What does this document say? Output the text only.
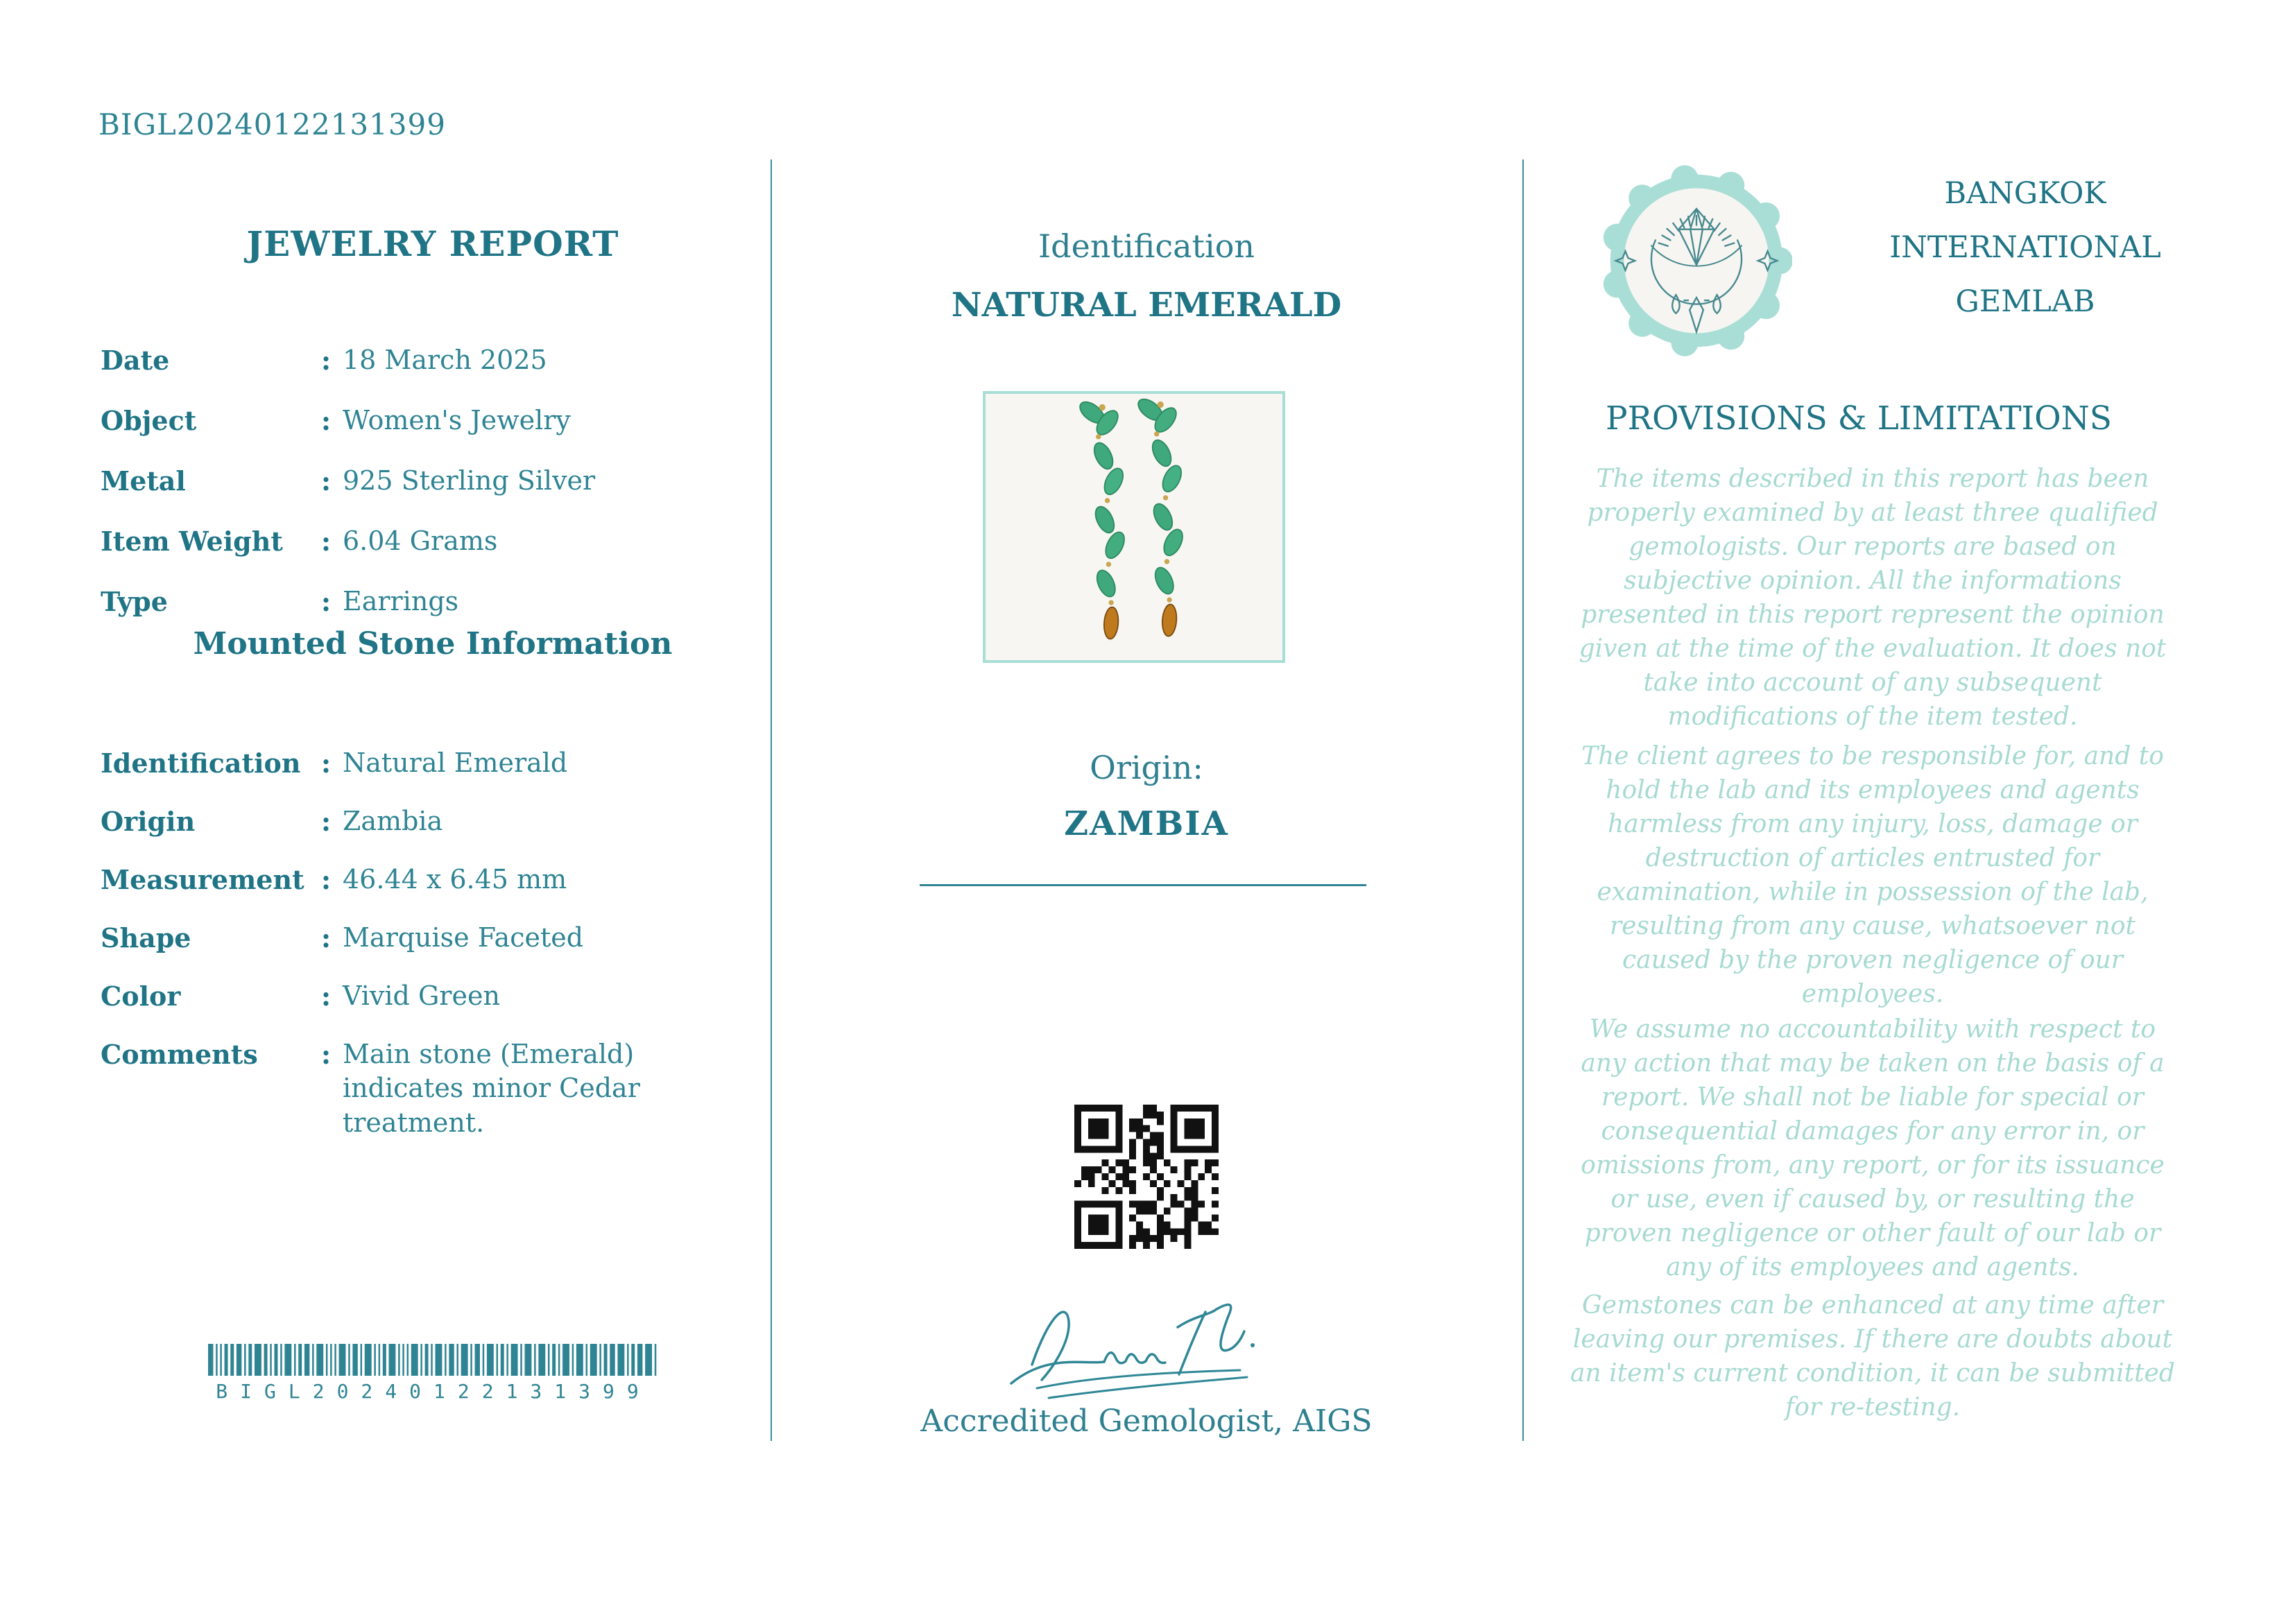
BIGL20240122131399
JEWELRY REPORT
Date	: 18 March 2025
Object	: Women's Jewelry
Metal	: 925 Sterling Silver
Item Weight : 6.04 Grams
Type	: Earrings
Mounted Stone Information
Identification : Natural Emerald
Origin	: Zambia
Measurement : 46.44 x 6.45 mm
Shape	: Marquise Faceted
Color	: Vivid Green
Comments : Main stone (Emerald) indicates minor Cedar treatment.
BIGL20240122131399
Identification
NATURAL EMERALD
Origin:
ZAMBIA
Accredited Gemologist, AIGS
BANGKOK
INTERNATIONAL
GEMLAB
PROVISIONS & LIMITATIONS
The items described in this report has been properly examined by at least three qualified gemologists. Our reports are based on subjective opinion. All the informations presented in this report represent the opinion given at the time of the evaluation. It does not take into account of any subsequent modifications of the item tested.
The client agrees to be responsible for, and to hold the lab and its employees and agents harmless from any injury, loss, damage or destruction of articles entrusted for examination, while in possession of the lab, resulting from any cause, whatsoever not caused by the proven negligence of our employees.
We assume no accountability with respect to any action that may be taken on the basis of a report. We shall not be liable for special or consequential damages for any error in, or omissions from, any report, or for its issuance or use, even if caused by, or resulting the proven negligence or other fault of our lab or any of its employees and agents.
Gemstones can be enhanced at any time after leaving our premises. If there are doubts about an item's current condition, it can be submitted for re-testing.
